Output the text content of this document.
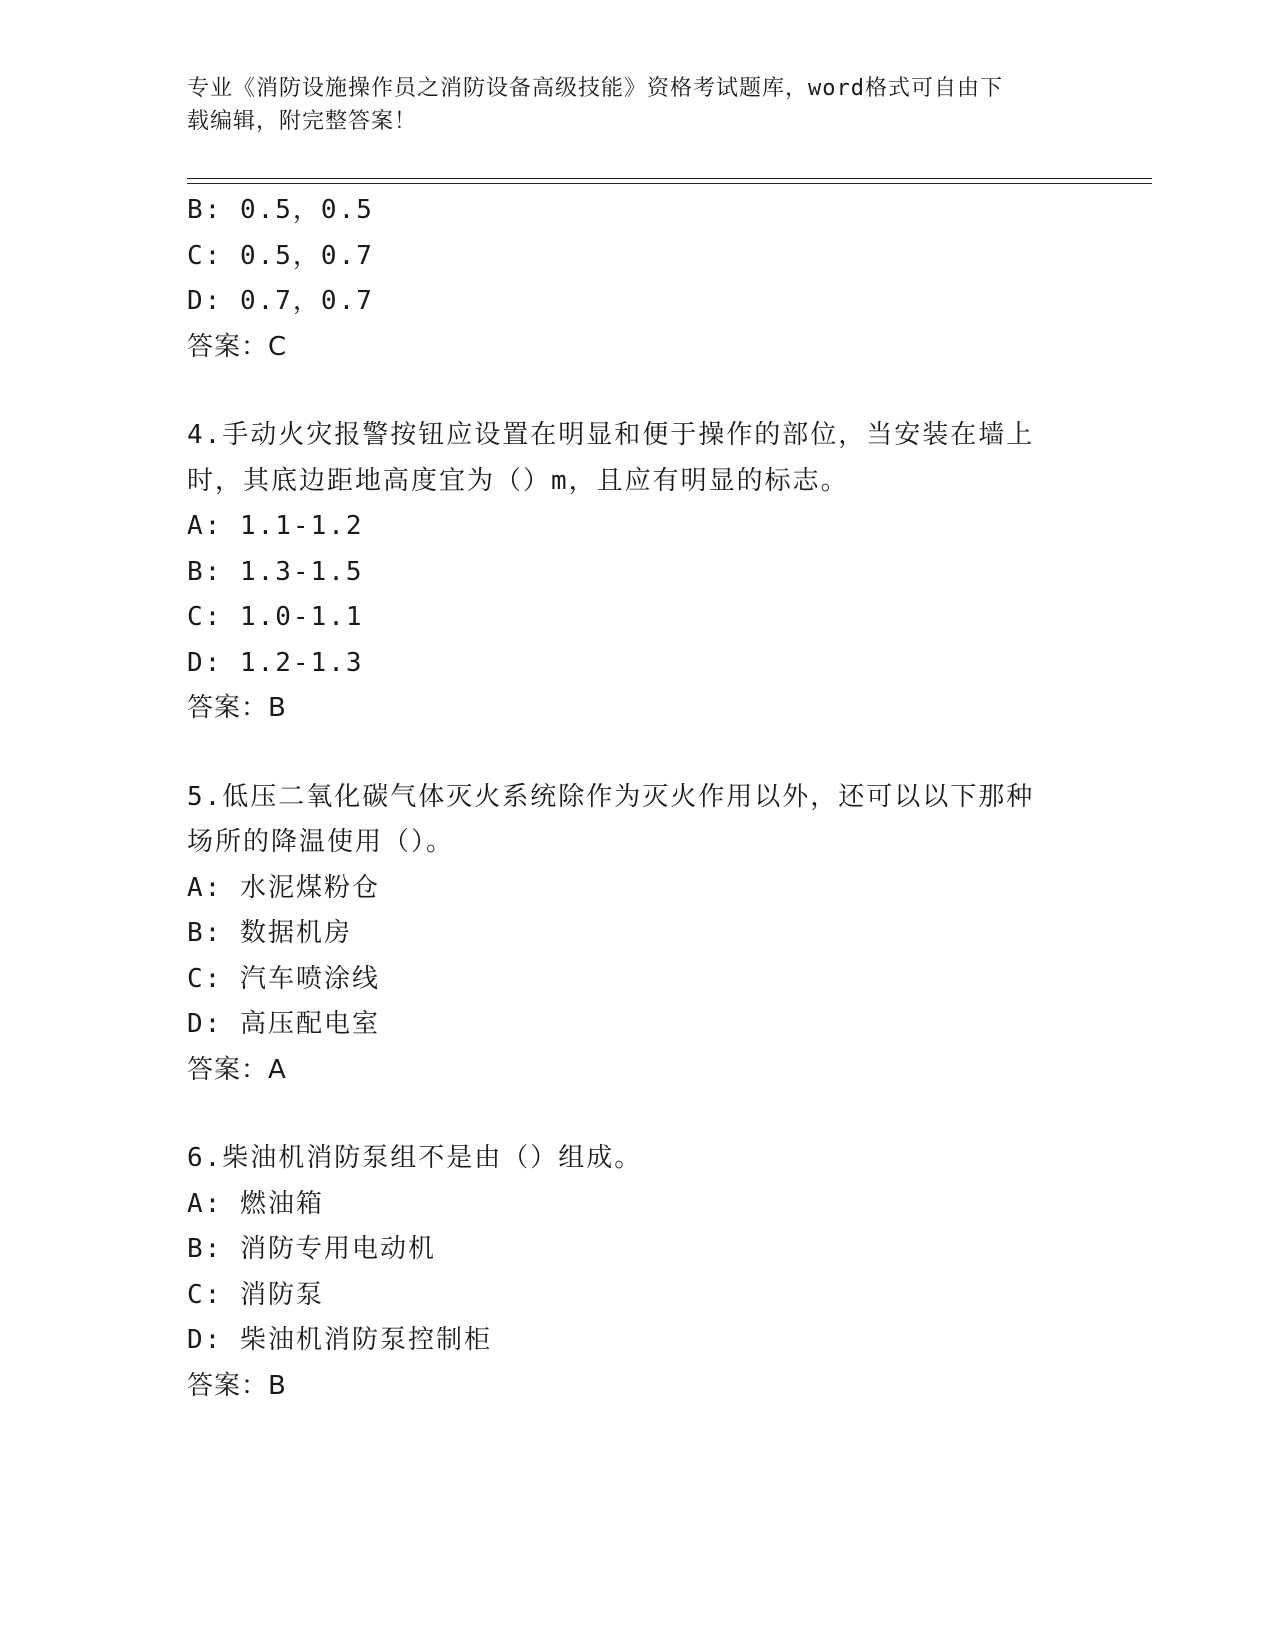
专业《消防设施操作员之消防设备高级技能》资格考试题库，word格式可自由下
载编辑，附完整答案！
B: 0.5，0.5
C: 0.5，0.7
D: 0.7，0.7
答案：C
4.手动火灾报警按钮应设置在明显和便于操作的部位，当安装在墙上
时，其底边距地高度宜为（）m，且应有明显的标志。
A: 1.1-1.2
B: 1.3-1.5
C: 1.0-1.1
D: 1.2-1.3
答案：B
5.低压二氧化碳气体灭火系统除作为灭火作用以外，还可以以下那种
场所的降温使用（）。
A: 水泥煤粉仓
B: 数据机房
C: 汽车喷涂线
D: 高压配电室
答案：A
6.柴油机消防泵组不是由（）组成。
A: 燃油箱
B: 消防专用电动机
C: 消防泵
D: 柴油机消防泵控制柜
答案：B
